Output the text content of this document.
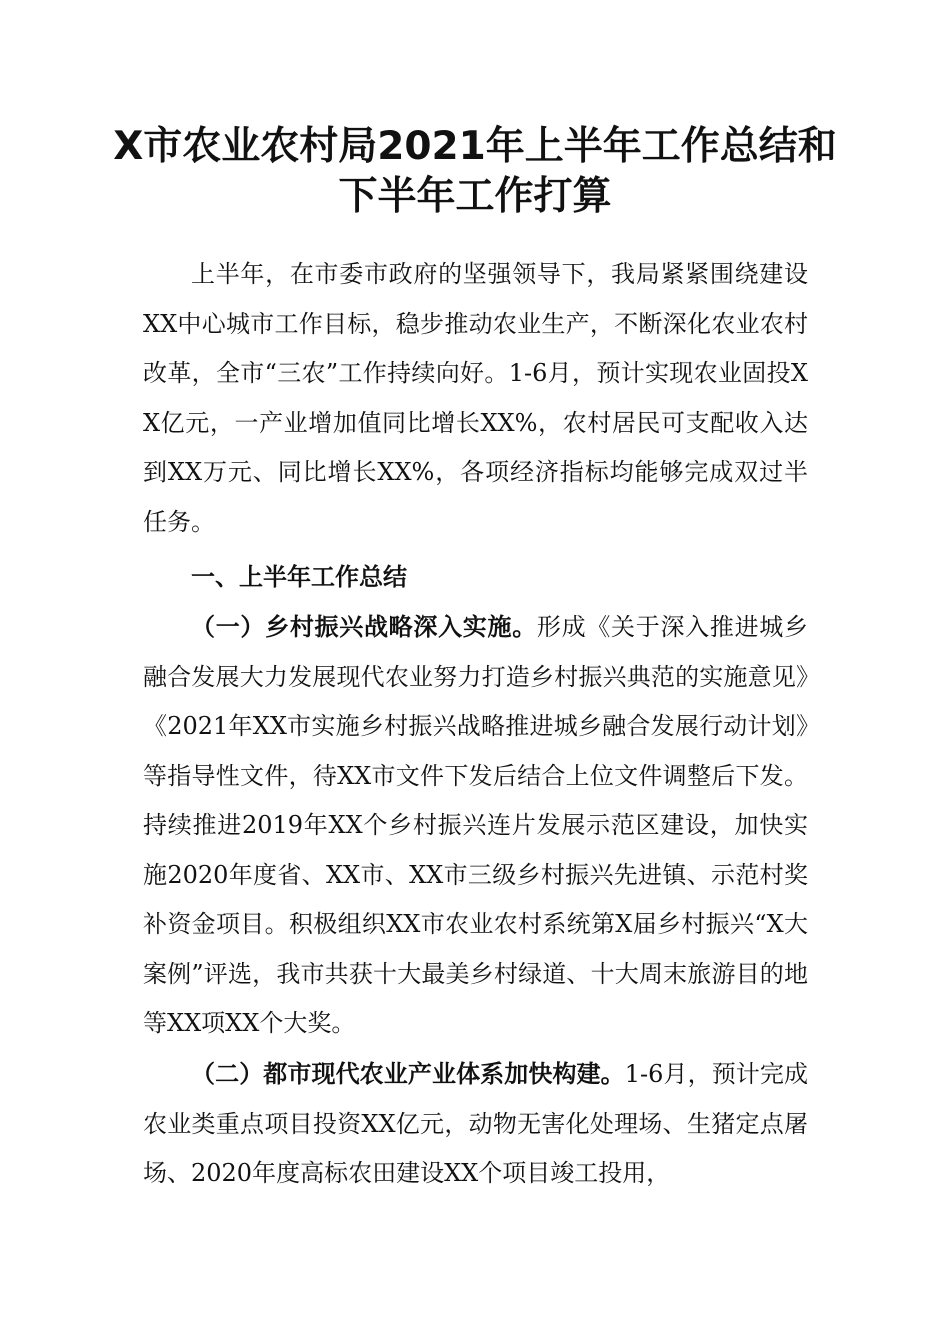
X市农业农村局2021年上半年工作总结和
下半年工作打算

上半年，在市委市政府的坚强领导下，我局紧紧围绕建设XX中心城市工作目标，稳步推动农业生产，不断深化农业农村改革，全市“三农”工作持续向好。1-6月，预计实现农业固投XX亿元，一产业增加值同比增长XX%，农村居民可支配收入达到XX万元、同比增长XX%，各项经济指标均能够完成双过半任务。

一、上半年工作总结

（一）乡村振兴战略深入实施。形成《关于深入推进城乡融合发展大力发展现代农业努力打造乡村振兴典范的实施意见》《2021年XX市实施乡村振兴战略推进城乡融合发展行动计划》等指导性文件，待XX市文件下发后结合上位文件调整后下发。持续推进2019年XX个乡村振兴连片发展示范区建设，加快实施2020年度省、XX市、XX市三级乡村振兴先进镇、示范村奖补资金项目。积极组织XX市农业农村系统第X届乡村振兴“X大案例”评选，我市共获十大最美乡村绿道、十大周末旅游目的地等XX项XX个大奖。

（二）都市现代农业产业体系加快构建。1-6月，预计完成农业类重点项目投资XX亿元，动物无害化处理场、生猪定点屠场、2020年度高标农田建设XX个项目竣工投用，
